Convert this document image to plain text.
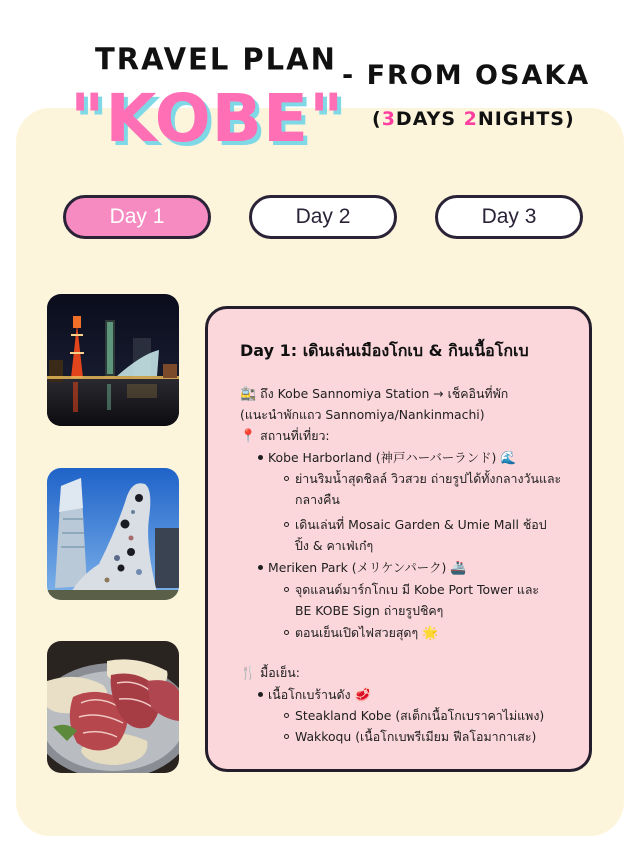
TRAVEL PLAN
"KOBE"
- FROM OSAKA
(3DAYS 2NIGHTS)
Day 1	Day 2	Day 3
Day 1: เดินเล่นเมืองโกเบ & กินเนื้อโกเบ
🚉 ถึง Kobe Sannomiya Station → เช็คอินที่พัก
(แนะนำพักแถว Sannomiya/Nankinmachi)
📍 สถานที่เที่ยว:
Kobe Harborland (神戸ハーバーランド) 🌊
ย่านริมน้ำสุดชิลล์ วิวสวย ถ่ายรูปได้ทั้งกลางวันและ
กลางคืน
เดินเล่นที่ Mosaic Garden & Umie Mall ช้อป
ปิ้ง & คาเฟ่เก๋ๆ
Meriken Park (メリケンパーク) 🚢
จุดแลนด์มาร์กโกเบ มี Kobe Port Tower และ
BE KOBE Sign ถ่ายรูปชิคๆ
ตอนเย็นเปิดไฟสวยสุดๆ 🌟
🍴 มื้อเย็น:
เนื้อโกเบร้านดัง 🥩
Steakland Kobe (สเต็กเนื้อโกเบราคาไม่แพง)
Wakkoqu (เนื้อโกเบพรีเมียม ฟีลโอมากาเสะ)
